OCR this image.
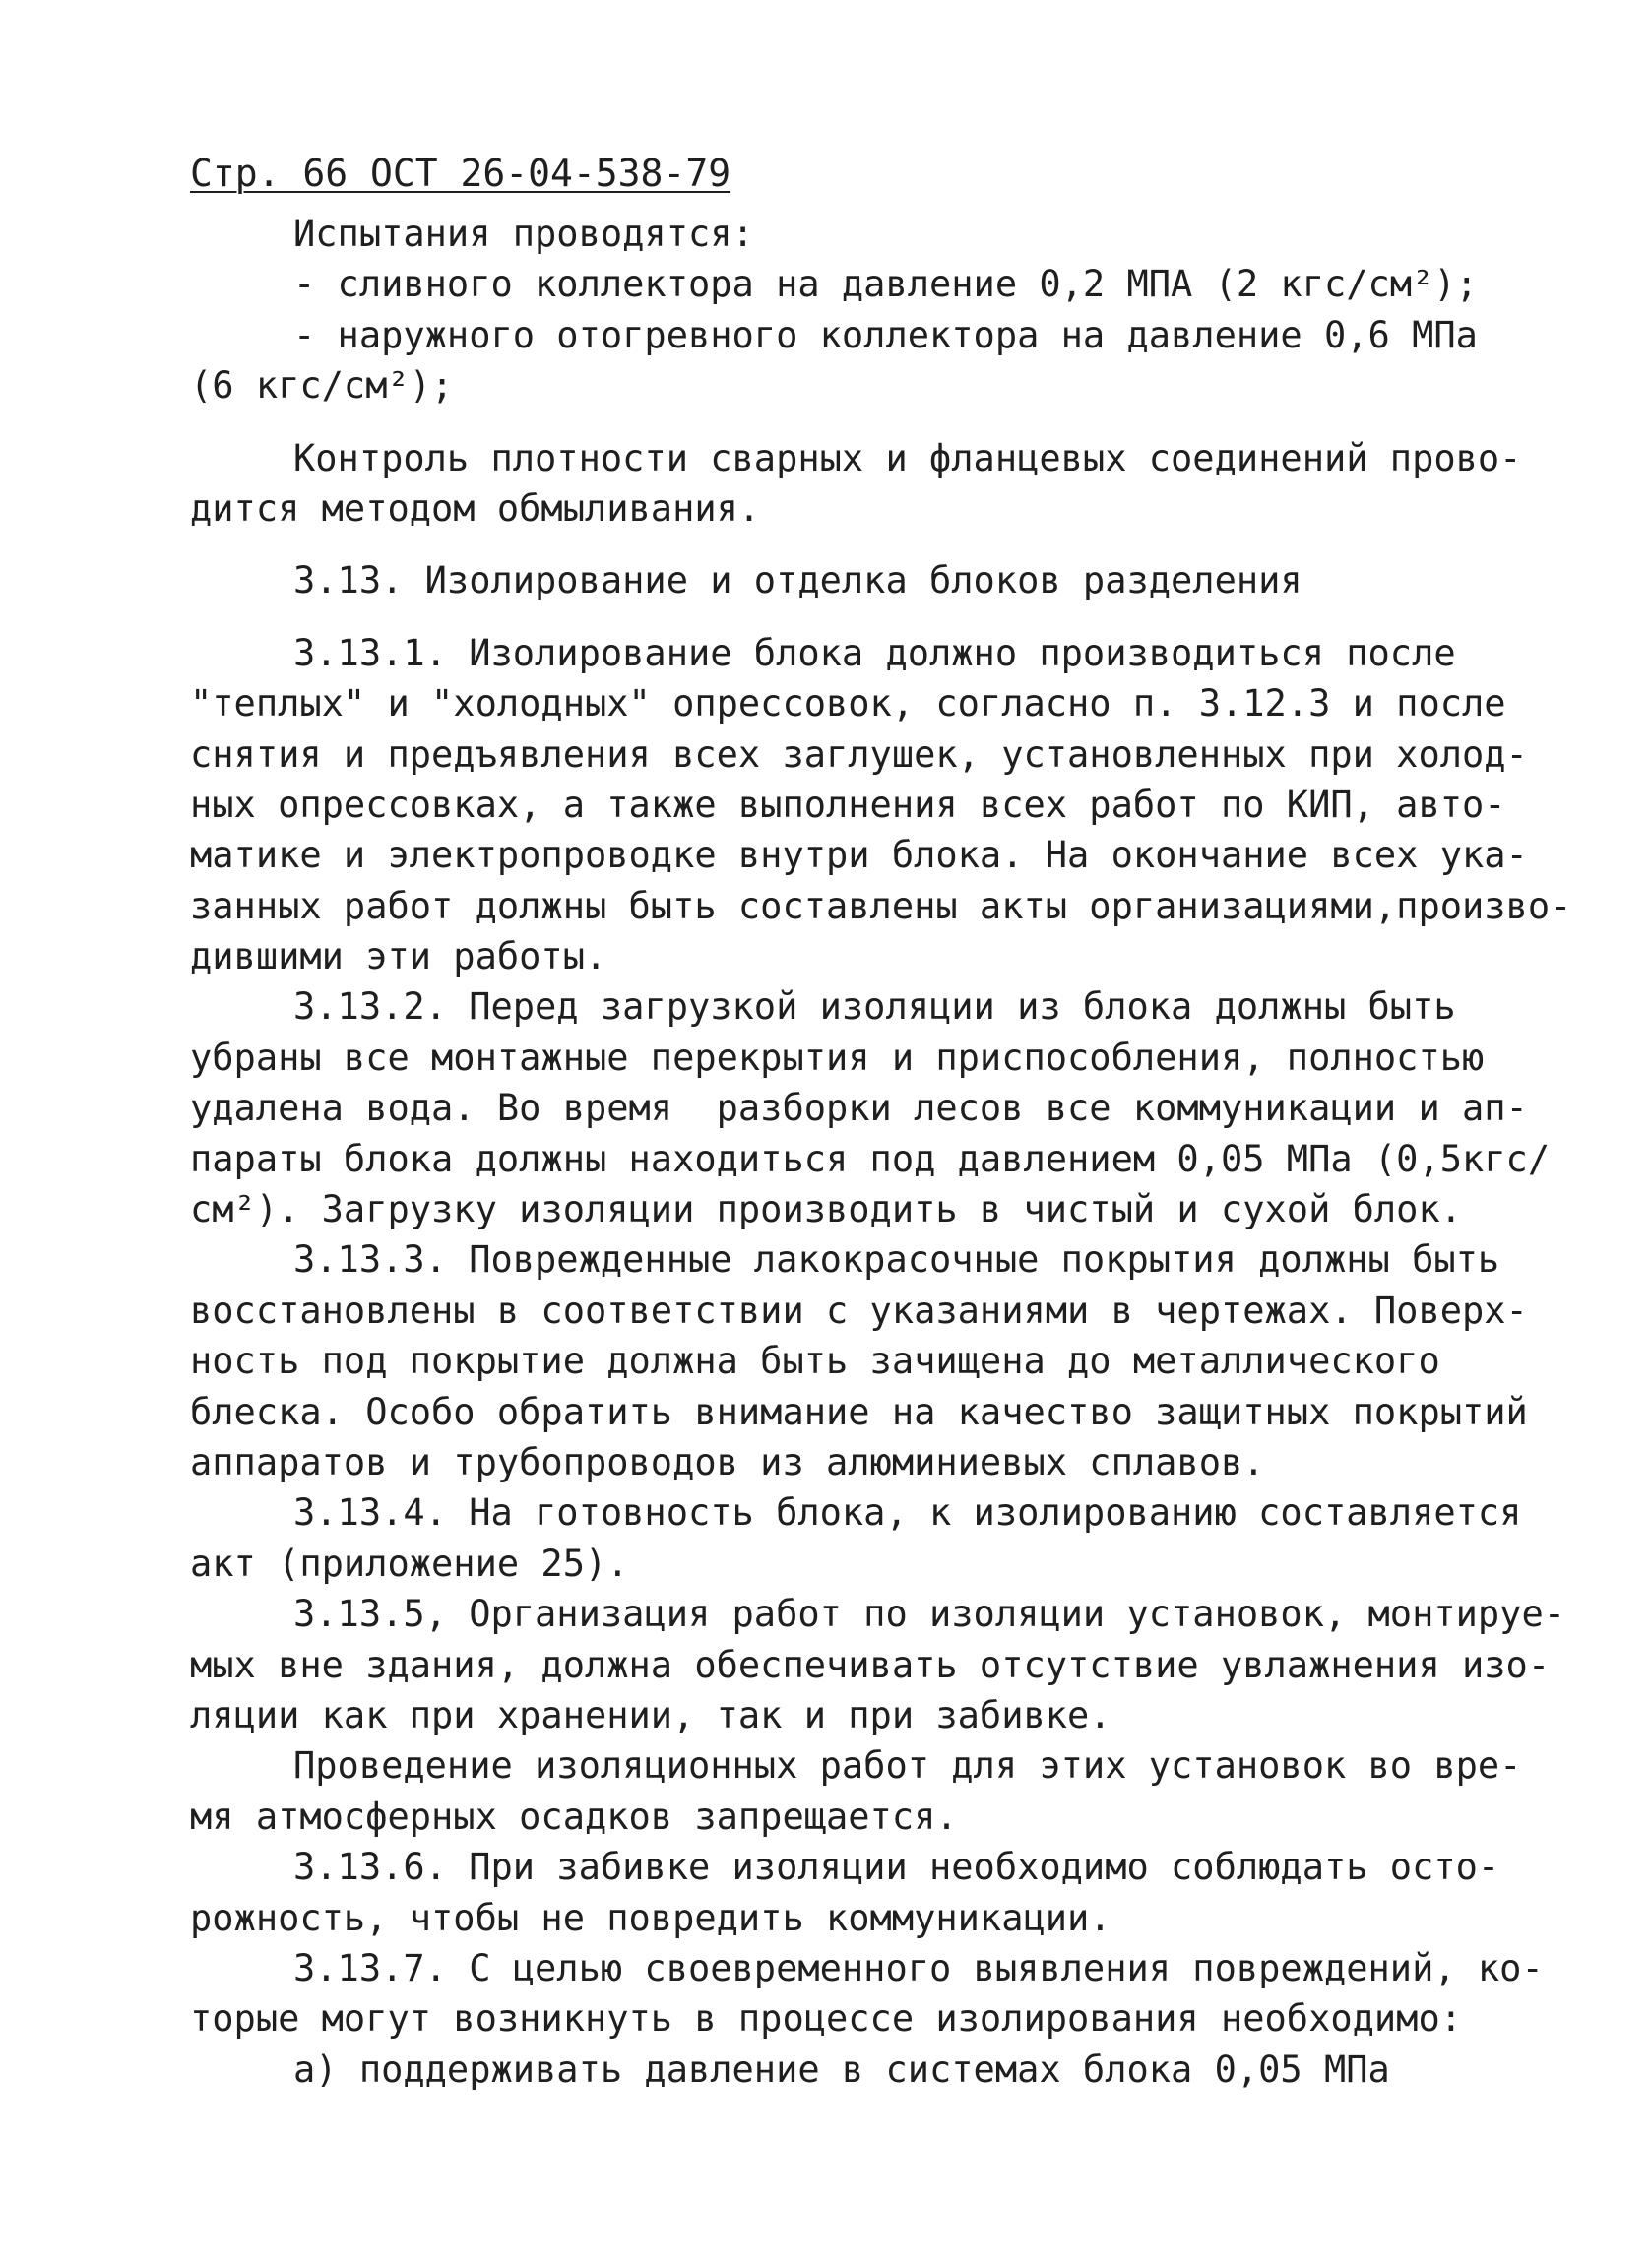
Стр. 66 ОСТ 26-04-538-79
Испытания проводятся:
- сливного коллектора на давление 0,2 МПА (2 кгс/см²);
- наружного отогревного коллектора на давление 0,6 МПа
(6 кгс/см²);
Контроль плотности сварных и фланцевых соединений прово-
дится методом обмыливания.
3.13. Изолирование и отделка блоков разделения
3.13.1. Изолирование блока должно производиться после
"теплых" и "холодных" опрессовок, согласно п. 3.12.3 и после
снятия и предъявления всех заглушек, установленных при холод-
ных опрессовках, а также выполнения всех работ по КИП, авто-
матике и электропроводке внутри блока. На окончание всех ука-
занных работ должны быть составлены акты организациями,произво-
дившими эти работы.
3.13.2. Перед загрузкой изоляции из блока должны быть
убраны все монтажные перекрытия и приспособления, полностью
удалена вода. Во время  разборки лесов все коммуникации и ап-
параты блока должны находиться под давлением 0,05 МПа (0,5кгс/
см²). Загрузку изоляции производить в чистый и сухой блок.
3.13.3. Поврежденные лакокрасочные покрытия должны быть
восстановлены в соответствии с указаниями в чертежах. Поверх-
ность под покрытие должна быть зачищена до металлического
блеска. Особо обратить внимание на качество защитных покрытий
аппаратов и трубопроводов из алюминиевых сплавов.
3.13.4. На готовность блока, к изолированию составляется
акт (приложение 25).
3.13.5, Организация работ по изоляции установок, монтируе-
мых вне здания, должна обеспечивать отсутствие увлажнения изо-
ляции как при хранении, так и при забивке.
Проведение изоляционных работ для этих установок во вре-
мя атмосферных осадков запрещается.
3.13.6. При забивке изоляции необходимо соблюдать осто-
рожность, чтобы не повредить коммуникации.
3.13.7. С целью своевременного выявления повреждений, ко-
торые могут возникнуть в процессе изолирования необходимо:
а) поддерживать давление в системах блока 0,05 МПа
